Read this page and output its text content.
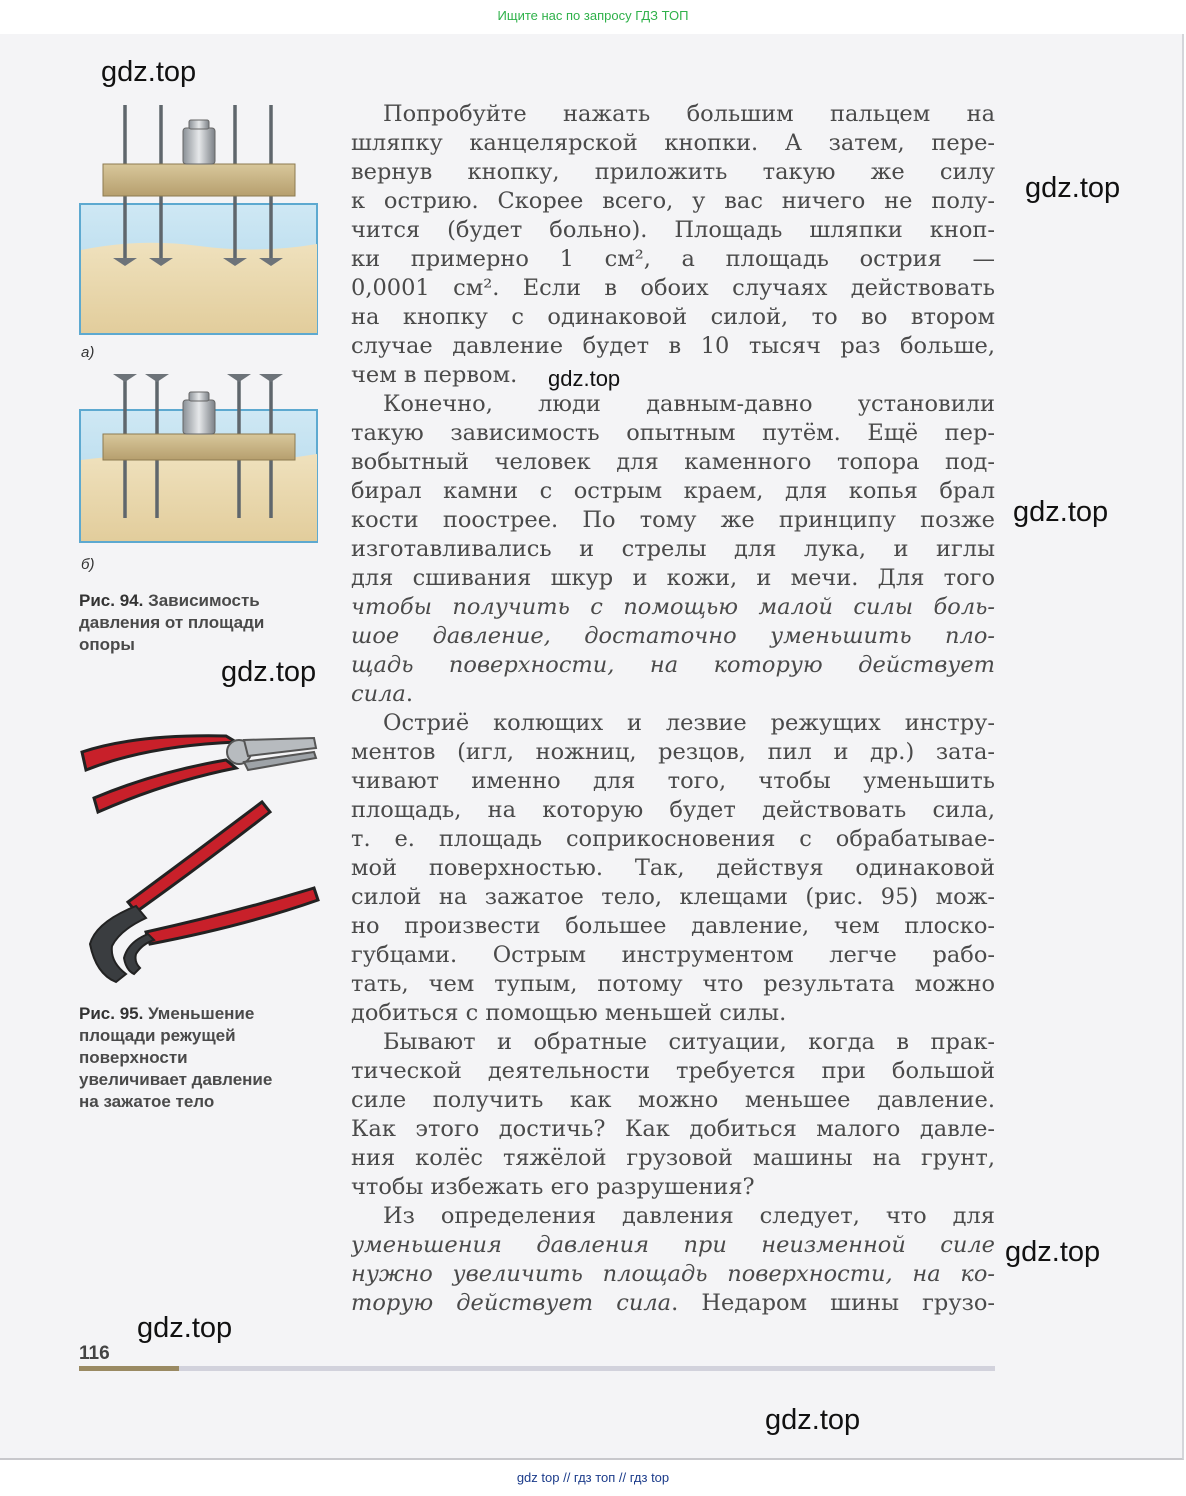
Ищите нас по запросу ГДЗ ТОП
а)
б)
Рис. 94. Зависимость
давления от площади
опоры
Рис. 95. Уменьшение
площади режущей
поверхности
увеличивает давление
на зажатое тело
Попробуйте нажать большим пальцем на
шляпку канцелярской кнопки. А затем, пере-
вернув кнопку, приложить такую же силу
к острию. Скорее всего, у вас ничего не полу-
чится (будет больно). Площадь шляпки кноп-
ки примерно 1 см², а площадь острия —
0,0001 см². Если в обоих случаях действовать
на кнопку с одинаковой силой, то во втором
случае давление будет в 10 тысяч раз больше,
чем в первом.
Конечно, люди давным-давно установили
такую зависимость опытным путём. Ещё пер-
вобытный человек для каменного топора под-
бирал камни с острым краем, для копья брал
кости поострее. По тому же принципу позже
изготавливались и стрелы для лука, и иглы
для сшивания шкур и кожи, и мечи. Для того
чтобы получить с помощью малой силы боль-
шое давление, достаточно уменьшить пло-
щадь поверхности, на которую действует
сила.
Остриё колющих и лезвие режущих инстру-
ментов (игл, ножниц, резцов, пил и др.) зата-
чивают именно для того, чтобы уменьшить
площадь, на которую будет действовать сила,
т. е. площадь соприкосновения с обрабатывае-
мой поверхностью. Так, действуя одинаковой
силой на зажатое тело, клещами (рис. 95) мож-
но произвести большее давление, чем плоско-
губцами. Острым инструментом легче рабо-
тать, чем тупым, потому что результата можно
добиться с помощью меньшей силы.
Бывают и обратные ситуации, когда в прак-
тической деятельности требуется при большой
силе получить как можно меньшее давление.
Как этого достичь? Как добиться малого давле-
ния колёс тяжёлой грузовой машины на грунт,
чтобы избежать его разрушения?
Из определения давления следует, что для
уменьшения давления при неизменной силе
нужно увеличить площадь поверхности, на ко-
торую действует сила. Недаром шины грузо-
116
gdz.top
gdz.top
gdz.top
gdz.top
gdz.top
gdz.top
gdz.top
gdz.top
gdz top // гдз топ // гдз top
